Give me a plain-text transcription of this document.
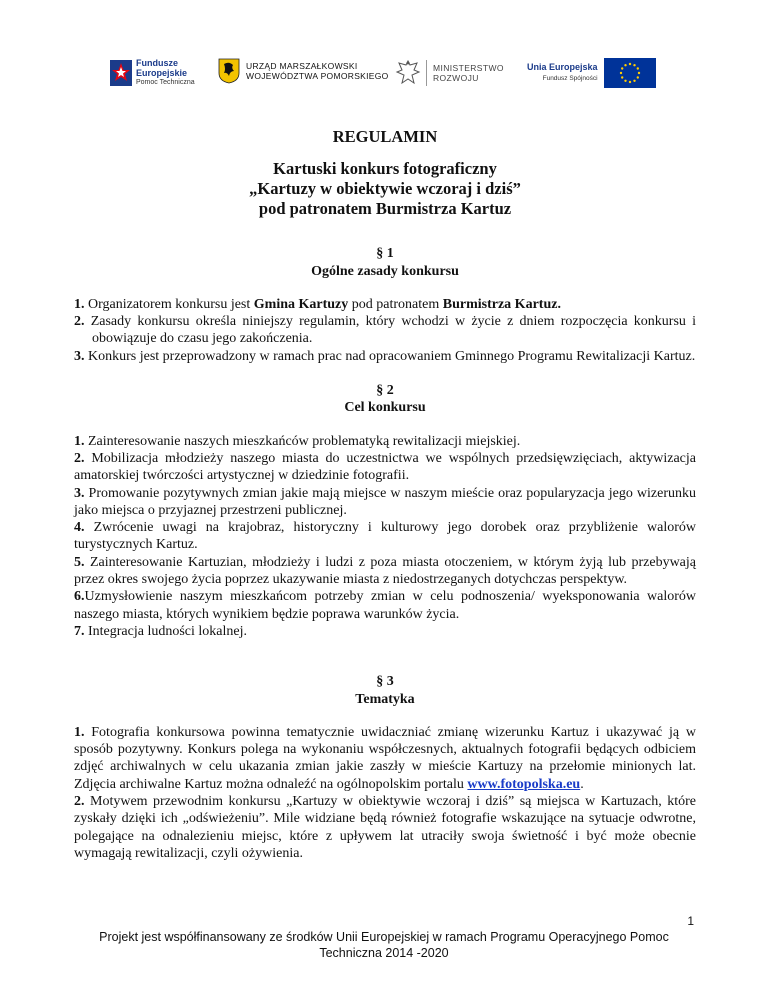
Fundusze
Europejskie
Pomoc Techniczna
URZĄD MARSZAŁKOWSKI
WOJEWÓDZTWA POMORSKIEGO
MINISTERSTWO
ROZWOJU
Unia Europejska
Fundusz Spójności

REGULAMIN

Kartuski konkurs fotograficzny
„Kartuzy w obiektywie wczoraj i dziś”
pod patronatem Burmistrza Kartuz

§ 1

Ogólne zasady konkursu

1. Organizatorem konkursu jest Gmina Kartuzy pod patronatem Burmistrza Kartuz.
2. Zasady konkursu określa niniejszy regulamin, który wchodzi w życie z dniem rozpoczęcia konkursu i obowiązuje do czasu jego zakończenia.
3. Konkurs jest przeprowadzony w ramach prac nad opracowaniem Gminnego Programu Rewitalizacji Kartuz.

§ 2

Cel konkursu

1. Zainteresowanie naszych mieszkańców problematyką rewitalizacji miejskiej.

2. Mobilizacja młodzieży naszego miasta do uczestnictwa we wspólnych przedsięwzięciach, aktywizacja amatorskiej twórczości artystycznej w dziedzinie fotografii.

3. Promowanie pozytywnych zmian jakie mają miejsce w naszym mieście oraz popularyzacja jego wizerunku jako miejsca o przyjaznej przestrzeni publicznej.

4. Zwrócenie uwagi na krajobraz, historyczny i kulturowy jego dorobek oraz przybliżenie walorów turystycznych Kartuz.

5. Zainteresowanie Kartuzian, młodzieży i ludzi z poza miasta otoczeniem, w którym żyją lub przebywają przez okres swojego życia poprzez ukazywanie miasta z niedostrzeganych dotychczas perspektyw.

6.Uzmysłowienie naszym mieszkańcom potrzeby zmian w celu podnoszenia/ wyeksponowania walorów naszego miasta, których wynikiem będzie poprawa warunków życia.

7. Integracja ludności lokalnej.

§ 3

Tematyka

1. Fotografia konkursowa powinna tematycznie uwidaczniać zmianę wizerunku Kartuz i ukazywać ją w sposób pozytywny. Konkurs polega na wykonaniu współczesnych, aktualnych fotografii będących odbiciem zdjęć archiwalnych w celu ukazania zmian jakie zaszły w mieście Kartuzy na przełomie minionych lat. Zdjęcia archiwalne Kartuz można odnaleźć na ogólnopolskim portalu www.fotopolska.eu.

2. Motywem przewodnim konkursu „Kartuzy w obiektywie wczoraj i dziś” są miejsca w Kartuzach, które zyskały dzięki ich „odświeżeniu”. Mile widziane będą również fotografie wskazujące na sytuacje odwrotne, polegające na odnalezieniu miejsc, które z upływem lat utraciły swoja świetność i być może obecnie wymagają rewitalizacji, czyli ożywienia.

1
Projekt jest współfinansowany ze środków Unii Europejskiej w ramach Programu Operacyjnego Pomoc
Techniczna 2014 -2020
